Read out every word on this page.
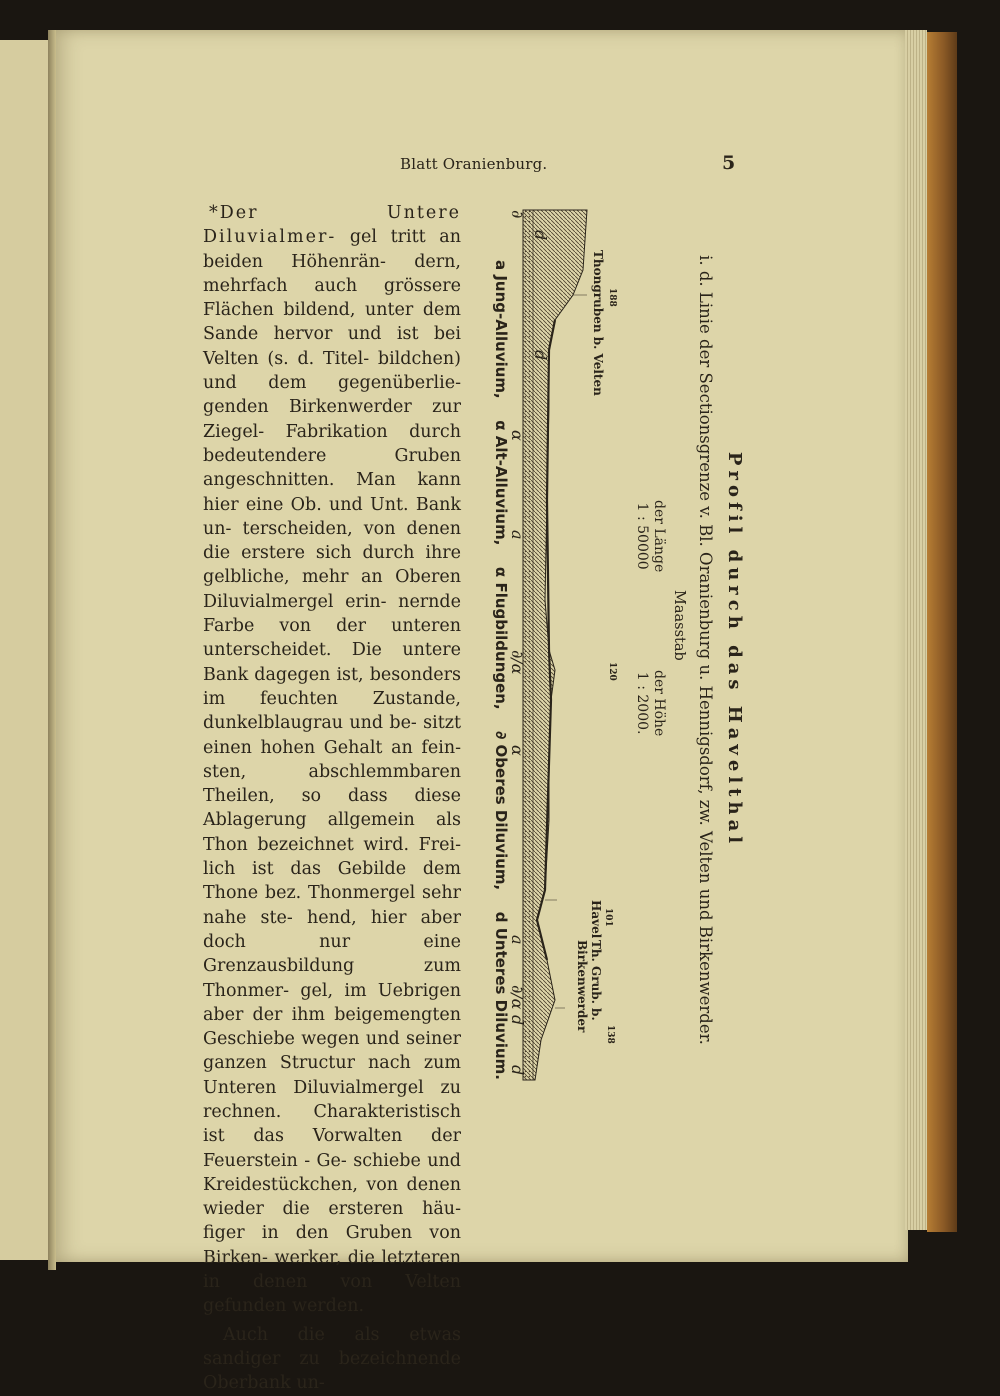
Blatt Oranienburg.	5

*Der Untere Diluvialmer- gel tritt an beiden Höhenrän- dern, mehrfach auch grössere Flächen bildend, unter dem Sande hervor und ist bei Velten (s. d. Titel- bildchen) und dem gegenüberlie- genden Birkenwerder zur Ziegel- Fabrikation durch bedeutendere	Gruben angeschnitten. Man kann hier eine Ob. und Unt. Bank un- terscheiden, von denen die erstere sich durch ihre gelbliche, mehr an Oberen Diluvialmergel erin- nernde Farbe von der unteren unterscheidet. Die untere Bank dagegen ist, besonders im feuchten Zustande, dunkelblaugrau und be- sitzt einen hohen Gehalt an fein- sten, abschlemmbaren Theilen, so dass diese Ablagerung allgemein als Thon bezeichnet wird. Frei- lich ist das Gebilde dem Thone bez. Thonmergel sehr nahe ste- hend, hier aber doch nur eine Grenzausbildung zum Thonmer- gel, im Uebrigen aber der ihm beigemengten Geschiebe wegen und seiner ganzen Structur nach zum Unteren Diluvialmergel zu rechnen. Charakteristisch ist das Vorwalten der Feuerstein - Ge- schiebe und Kreidestückchen, von denen wieder die ersteren häu- figer in den Gruben von Birken- werker, die letzteren in denen von Velten gefunden werden.

Auch die als etwas sandiger zu bezeichnende Oberbank un-

Profil durch das Havelthal
i. d. Linie der Sectionsgrenze v. Bl. Oranienburg u. Hennigsdorf, zw. Velten und Birkenwerder.
Maasstab
der Länge
1 : 50000
der Höhe
1 : 2000.
188
Thongruben b. Velten
120
101
Havel
138
Th. Grub. b. Birkenwerder
d
d
α
a
∂/α
α
a
∂/α
d
∂
d
a Jung-Alluvium,
α Alt-Alluvium,
α Flugbildungen,
∂ Oberes Diluvium,
d Unteres Diluvium.
